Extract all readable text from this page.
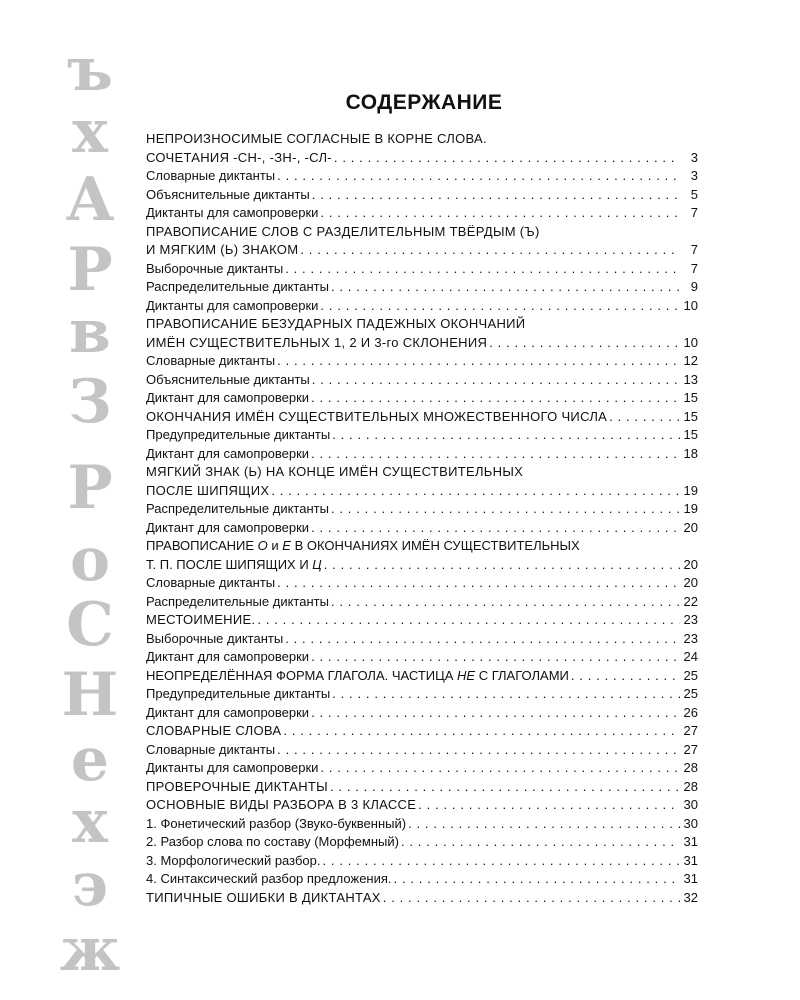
ъ
х
А
Р
в
З
Р
о
С
Н
е
х
э
ж
СОДЕРЖАНИЕ
НЕПРОИЗНОСИМЫЕ СОГЛАСНЫЕ В КОРНЕ СЛОВА.
СОЧЕТАНИЯ -СН-, -ЗН-, -СЛ- . . .	3
Словарные диктанты . . .	3
Объяснительные диктанты . . .	5
Диктанты для самопроверки . . .	7
ПРАВОПИСАНИЕ СЛОВ С РАЗДЕЛИТЕЛЬНЫМ ТВЁРДЫМ (Ъ)
И МЯГКИМ (Ь) ЗНАКОМ . . .	7
Выборочные диктанты . . .	7
Распределительные диктанты . . .	9
Диктанты для самопроверки . . .	10
ПРАВОПИСАНИЕ БЕЗУДАРНЫХ ПАДЕЖНЫХ ОКОНЧАНИЙ
ИМЁН СУЩЕСТВИТЕЛЬНЫХ 1, 2 И 3-го СКЛОНЕНИЯ . . .	10
Словарные диктанты . . .	12
Объяснительные диктанты . . .	13
Диктант для самопроверки . . .	15
ОКОНЧАНИЯ ИМЁН СУЩЕСТВИТЕЛЬНЫХ МНОЖЕСТВЕННОГО ЧИСЛА . . .	15
Предупредительные диктанты . . .	15
Диктант для самопроверки . . .	18
МЯГКИЙ ЗНАК (Ь) НА КОНЦЕ ИМЁН СУЩЕСТВИТЕЛЬНЫХ
ПОСЛЕ ШИПЯЩИХ . . .	19
Распределительные диктанты . . .	19
Диктант для самопроверки . . .	20
ПРАВОПИСАНИЕ О и Е В ОКОНЧАНИЯХ ИМЁН СУЩЕСТВИТЕЛЬНЫХ
Т. П. ПОСЛЕ ШИПЯЩИХ И Ц . . .	20
Словарные диктанты . . .	20
Распределительные диктанты . . .	22
МЕСТОИМЕНИЕ. . . .	23
Выборочные диктанты . . .	23
Диктант для самопроверки . . .	24
НЕОПРЕДЕЛЁННАЯ ФОРМА ГЛАГОЛА. ЧАСТИЦА НЕ С ГЛАГОЛАМИ . . .	25
Предупредительные диктанты . . .	25
Диктант для самопроверки . . .	26
СЛОВАРНЫЕ СЛОВА . . .	27
Словарные диктанты . . .	27
Диктанты для самопроверки . . .	28
ПРОВЕРОЧНЫЕ ДИКТАНТЫ . . .	28
ОСНОВНЫЕ ВИДЫ РАЗБОРА В 3 КЛАССЕ . . .	30
1. Фонетический разбор (Звуко-буквенный) . . .	30
2. Разбор слова по составу (Морфемный) . . .	31
3. Морфологический разбор. . . .	31
4. Синтаксический разбор предложения. . . .	31
ТИПИЧНЫЕ ОШИБКИ В ДИКТАНТАХ . . .	32
